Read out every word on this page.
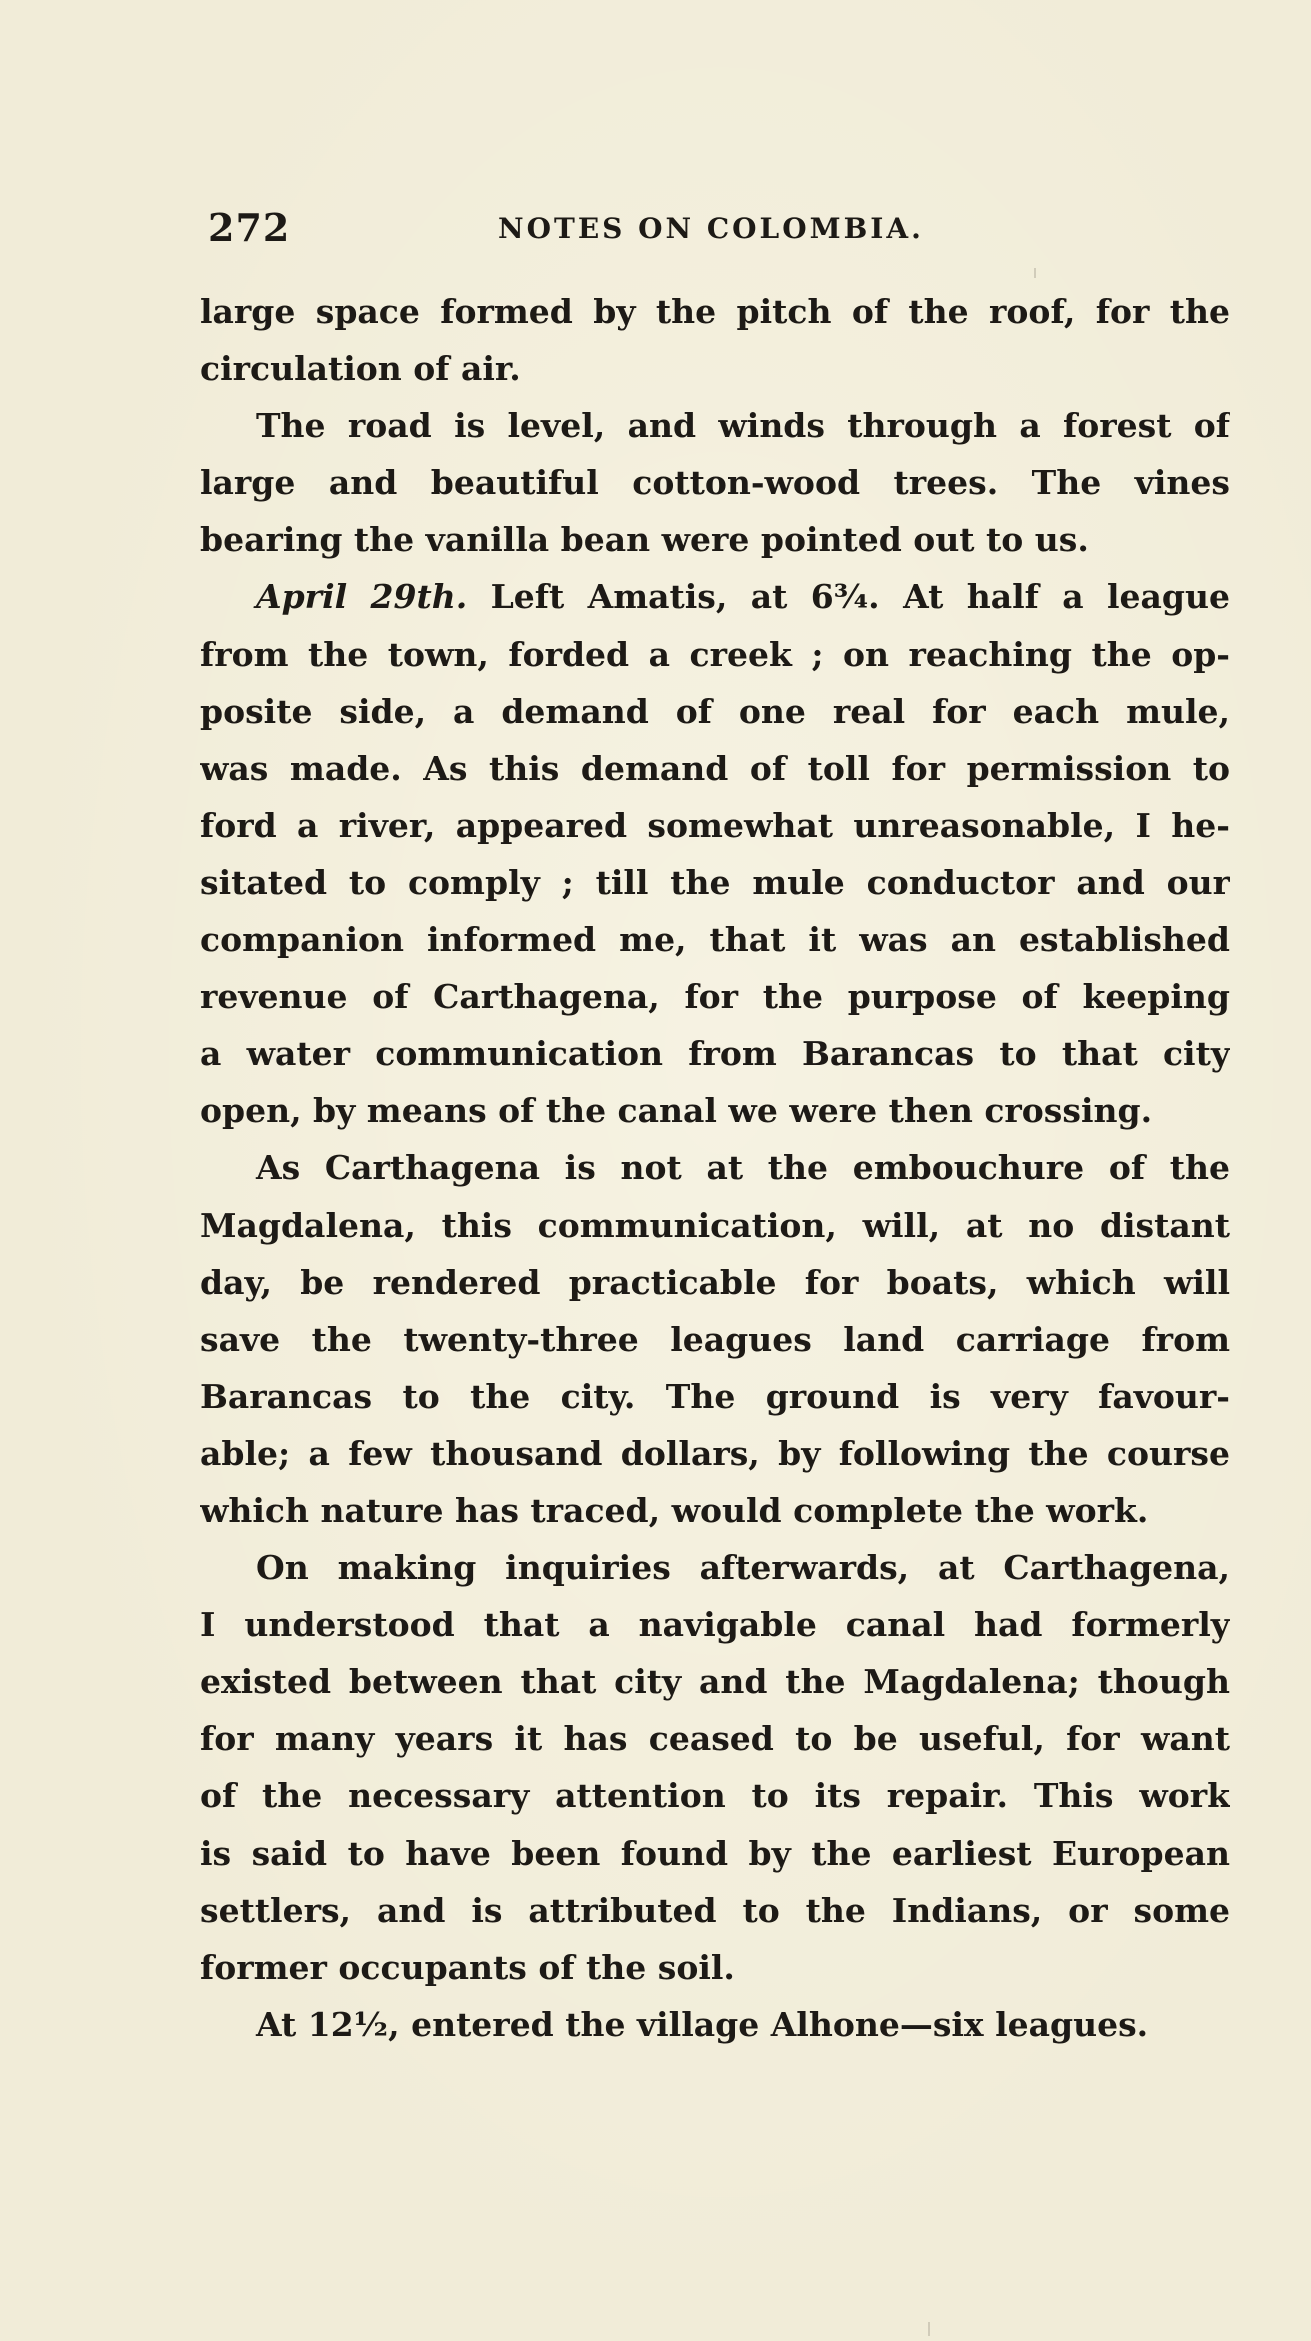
272	NOTES ON COLOMBIA.
large space formed by the pitch of the roof, for the
circulation of air.
The road is level, and winds through a forest of
large and beautiful cotton-wood trees. The vines
bearing the vanilla bean were pointed out to us.
April 29th. Left Amatis, at 6¾. At half a league
from the town, forded a creek ; on reaching the op-
posite side, a demand of one real for each mule,
was made. As this demand of toll for permission to
ford a river, appeared somewhat unreasonable, I he-
sitated to comply ; till the mule conductor and our
companion informed me, that it was an established
revenue of Carthagena, for the purpose of keeping
a water communication from Barancas to that city
open, by means of the canal we were then crossing.
As Carthagena is not at the embouchure of the
Magdalena, this communication, will, at no distant
day, be rendered practicable for boats, which will
save the twenty-three leagues land carriage from
Barancas to the city. The ground is very favour-
able; a few thousand dollars, by following the course
which nature has traced, would complete the work.
On making inquiries afterwards, at Carthagena,
I understood that a navigable canal had formerly
existed between that city and the Magdalena; though
for many years it has ceased to be useful, for want
of the necessary attention to its repair. This work
is said to have been found by the earliest European
settlers, and is attributed to the Indians, or some
former occupants of the soil.
At 12½, entered the village Alhone—six leagues.
